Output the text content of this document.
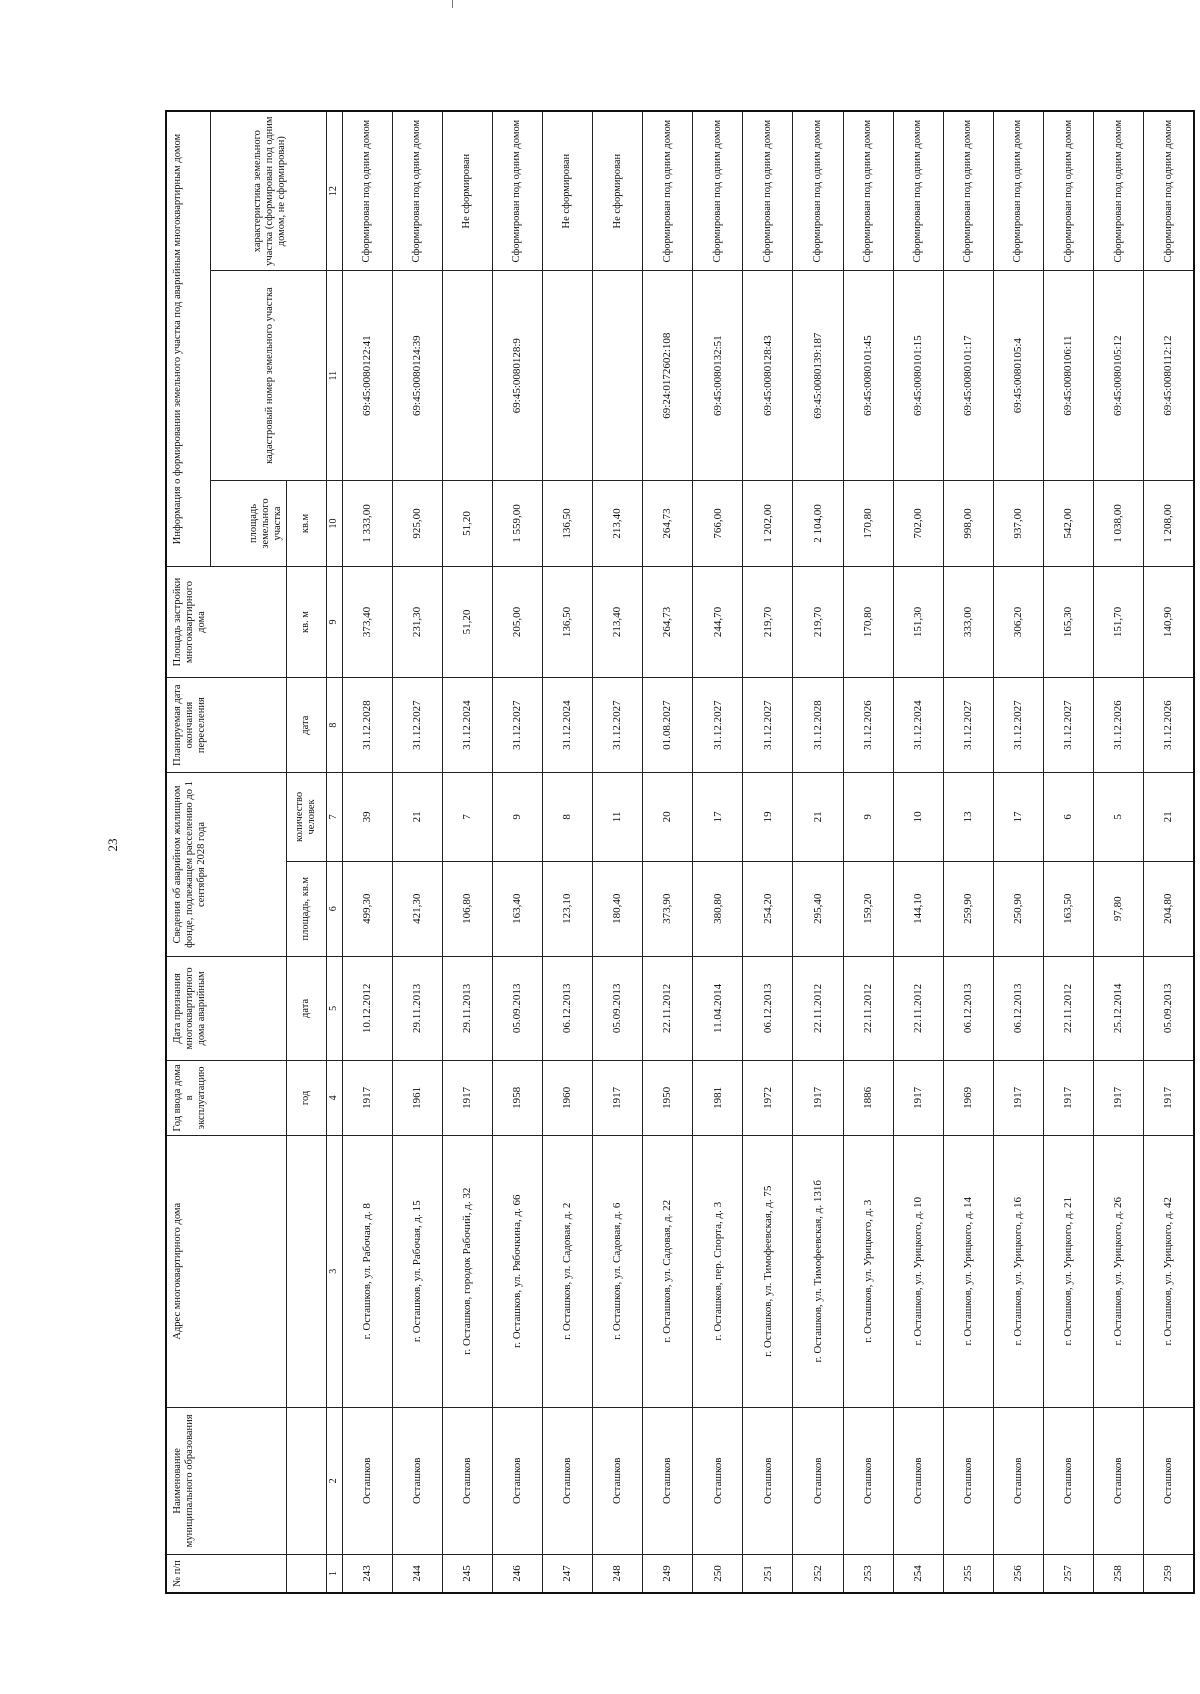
23
№ п/п	Наименование муниципального образования	Адрес многоквартирного дома	Год ввода дома в эксплуатацию	Дата признания многоквартирного дома аварийным	Сведения об аварийном жилищном фонде, подлежащем расселению до 1 сентября 2028 года		Планируемая дата окончания переселения	Площадь застройки многоквартирного дома	Информация о формировании земельного участка под аварийным многоквартирным домом		
									площадь земельного участка	кадастровый номер земельного участка	характеристика земельного участка (сформирован под одним домом, не сформирован)
			год	дата	площадь, кв.м	количество человек	дата	кв. м	кв.м		
1	2	3	4	5	6	7	8	9	10	11	12
243	Осташков	г. Осташков, ул. Рабочая, д. 8	1917	10.12.2012	499,30	39	31.12.2028	373,40	1 333,00	69:45:0080122:41	Сформирован под одним домом
244	Осташков	г. Осташков, ул. Рабочая, д. 15	1961	29.11.2013	421,30	21	31.12.2027	231,30	925,00	69:45:0080124:39	Сформирован под одним домом
245	Осташков	г. Осташков, городок Рабочий, д. 32	1917	29.11.2013	106,80	7	31.12.2024	51,20	51,20		Не сформирован
246	Осташков	г. Осташков, ул. Рябочкина, д. 66	1958	05.09.2013	163,40	9	31.12.2027	205,00	1 559,00	69:45:0080128:9	Сформирован под одним домом
247	Осташков	г. Осташков, ул. Садовая, д. 2	1960	06.12.2013	123,10	8	31.12.2024	136,50	136,50		Не сформирован
248	Осташков	г. Осташков, ул. Садовая, д. 6	1917	05.09.2013	180,40	11	31.12.2027	213,40	213,40		Не сформирован
249	Осташков	г. Осташков, ул. Садовая, д. 22	1950	22.11.2012	373,90	20	01.08.2027	264,73	264,73	69:24:0172602:108	Сформирован под одним домом
250	Осташков	г. Осташков, пер. Спорта, д. 3	1981	11.04.2014	380,80	17	31.12.2027	244,70	766,00	69:45:0080132:51	Сформирован под одним домом
251	Осташков	г. Осташков, ул. Тимофеевская, д. 75	1972	06.12.2013	254,20	19	31.12.2027	219,70	1 202,00	69:45:0080128:43	Сформирован под одним домом
252	Осташков	г. Осташков, ул. Тимофеевская, д. 131б	1917	22.11.2012	295,40	21	31.12.2028	219,70	2 104,00	69:45:0080139:187	Сформирован под одним домом
253	Осташков	г. Осташков, ул. Урицкого, д. 3	1886	22.11.2012	159,20	9	31.12.2026	170,80	170,80	69:45:0080101:45	Сформирован под одним домом
254	Осташков	г. Осташков, ул. Урицкого, д. 10	1917	22.11.2012	144,10	10	31.12.2024	151,30	702,00	69:45:0080101:15	Сформирован под одним домом
255	Осташков	г. Осташков, ул. Урицкого, д. 14	1969	06.12.2013	259,90	13	31.12.2027	333,00	998,00	69:45:0080101:17	Сформирован под одним домом
256	Осташков	г. Осташков, ул. Урицкого, д. 16	1917	06.12.2013	250,90	17	31.12.2027	306,20	937,00	69:45:0080105:4	Сформирован под одним домом
257	Осташков	г. Осташков, ул. Урицкого, д. 21	1917	22.11.2012	163,50	6	31.12.2027	165,30	542,00	69:45:0080106:11	Сформирован под одним домом
258	Осташков	г. Осташков, ул. Урицкого, д. 26	1917	25.12.2014	97,80	5	31.12.2026	151,70	1 038,00	69:45:0080105:12	Сформирован под одним домом
259	Осташков	г. Осташков, ул. Урицкого, д. 42	1917	05.09.2013	204,80	21	31.12.2026	140,90	1 208,00	69:45:0080112:12	Сформирован под одним домом
